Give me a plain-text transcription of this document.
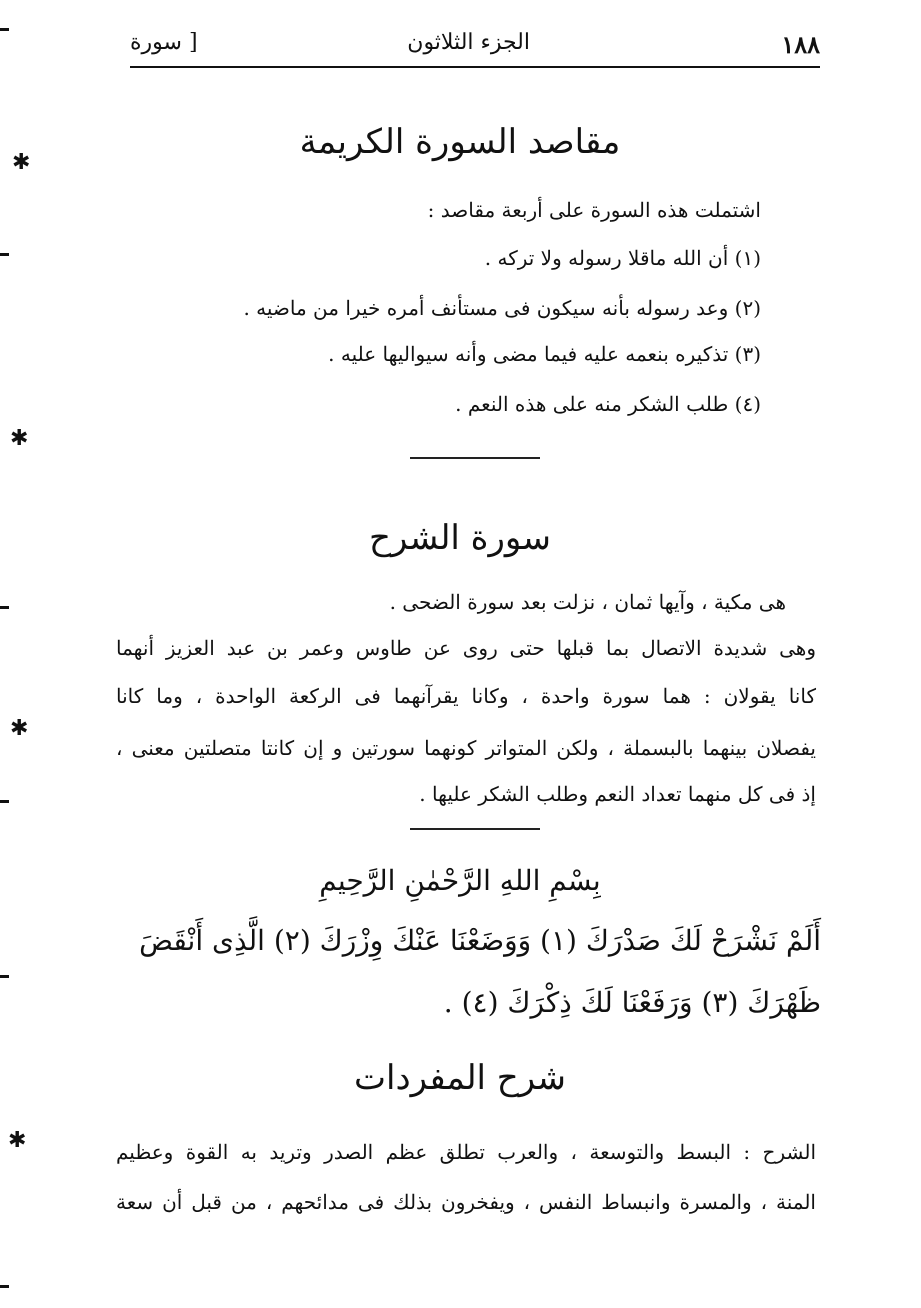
✱
✱
✱
✱
١٨٨
الجزء الثلاثون
[ سورة
مقاصد السورة الكريمة
اشتملت هذه السورة على أربعة مقاصد :
(١) أن الله ماقلا رسوله ولا تركه .
(٢) وعد رسوله بأنه سيكون فى مستأنف أمره خيرا من ماضيه .
(٣) تذكيره بنعمه عليه فيما مضى وأنه سيواليها عليه .
(٤) طلب الشكر منه على هذه النعم .
سورة الشرح
هى مكية ، وآيها ثمان ، نزلت بعد سورة الضحى .
وهى شديدة الاتصال بما قبلها حتى روى عن طاوس وعمر بن عبد العزيز أنهما
كانا يقولان : هما سورة واحدة ، وكانا يقرآنهما فى الركعة الواحدة ، وما كانا
يفصلان بينهما بالبسملة ، ولكن المتواتر كونهما سورتين و إن كانتا متصلتين معنى ،
إذ فى كل منهما تعداد النعم وطلب الشكر عليها .
بِسْمِ اللهِ الرَّحْمٰنِ الرَّحِيمِ
أَلَمْ نَشْرَحْ لَكَ صَدْرَكَ (١) وَوَضَعْنَا عَنْكَ وِزْرَكَ (٢) الَّذِى أَنْقَضَ
ظَهْرَكَ (٣) وَرَفَعْنَا لَكَ ذِكْرَكَ (٤) .
شرح المفردات
الشرح : البسط والتوسعة ، والعرب تطلق عظم الصدر وتريد به القوة وعظيم
المنة ، والمسرة وانبساط النفس ، ويفخرون بذلك فى مدائحهم ، من قبل أن سعة
